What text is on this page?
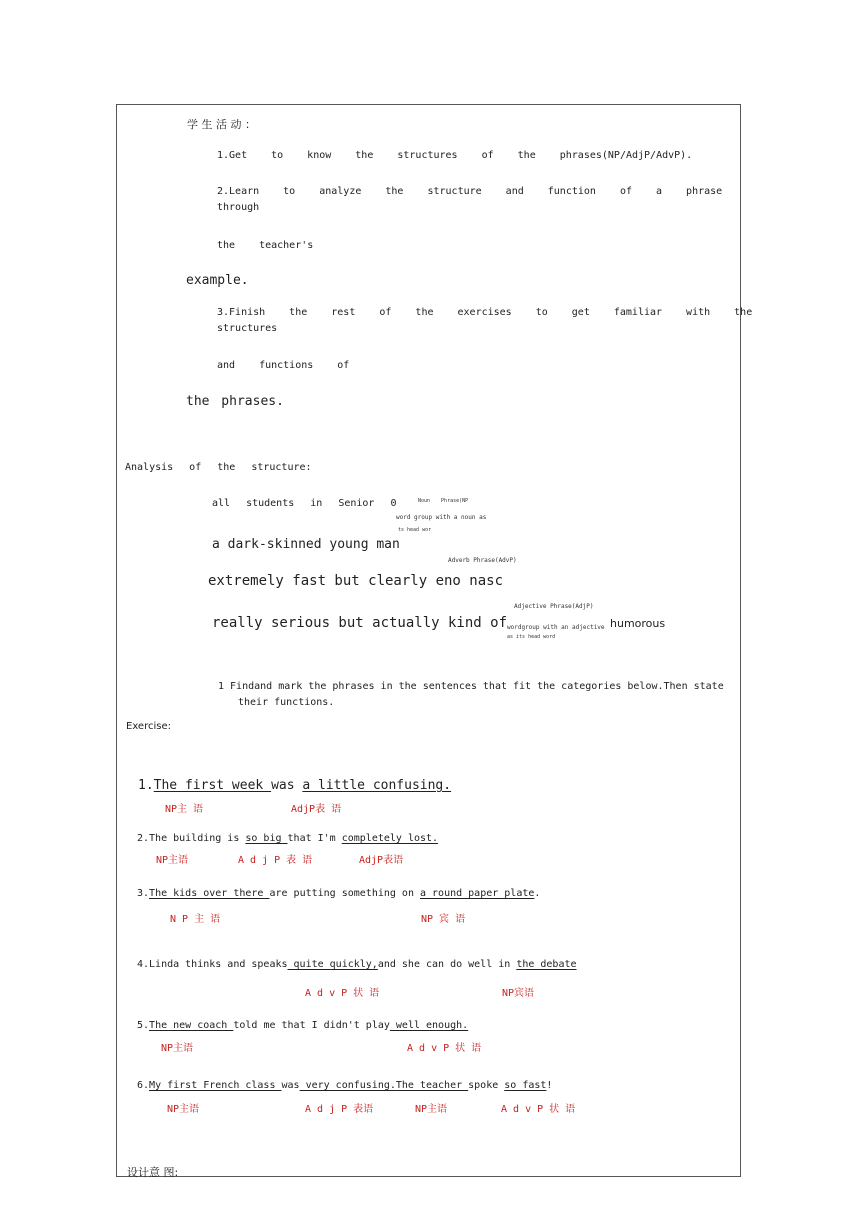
学 生 活 动 ：
1.Get to know the structures of the phrases(NP/AdjP/AdvP).
2.Learn to analyze the structure and function of a phrase
through
the teacher's
example.
3.Finish the rest of the exercises to get familiar with the
structures
and functions of
the phrases.
Analysis of the structure:
all students in Senior 0	Noun Phrase(NP
word group with a noun as
ts head wor
a dark-skinned young man
Adverb Phrase(AdvP)
extremely fast but clearly eno nasc
Adjective Phrase(AdjP)
really serious but actually kind of wordgroup with an adjective
as its head word
humorous
1 Findand mark the phrases in the sentences that fit the categories below.Then state
their functions.
Exercise:
1.The first week was a little confusing.
NP主 语	AdjP表 语
2.The building is so big that I'm completely lost.
NP主语	A d j P 表 语	AdjP表语
3.The kids over there are putting something on a round paper plate.
N P 主 语	NP 宾 语
4.Linda thinks and speaks quite quickly,and she can do well in the debate
A d v P 状 语	NP宾语
5.The new coach told me that I didn't play well enough.
NP主语	A d v P 状 语
6.My first French class was very confusing.The teacher spoke so fast!
NP主语	A d j P 表语	NP主语	A d v P 状 语
设计意 图:
